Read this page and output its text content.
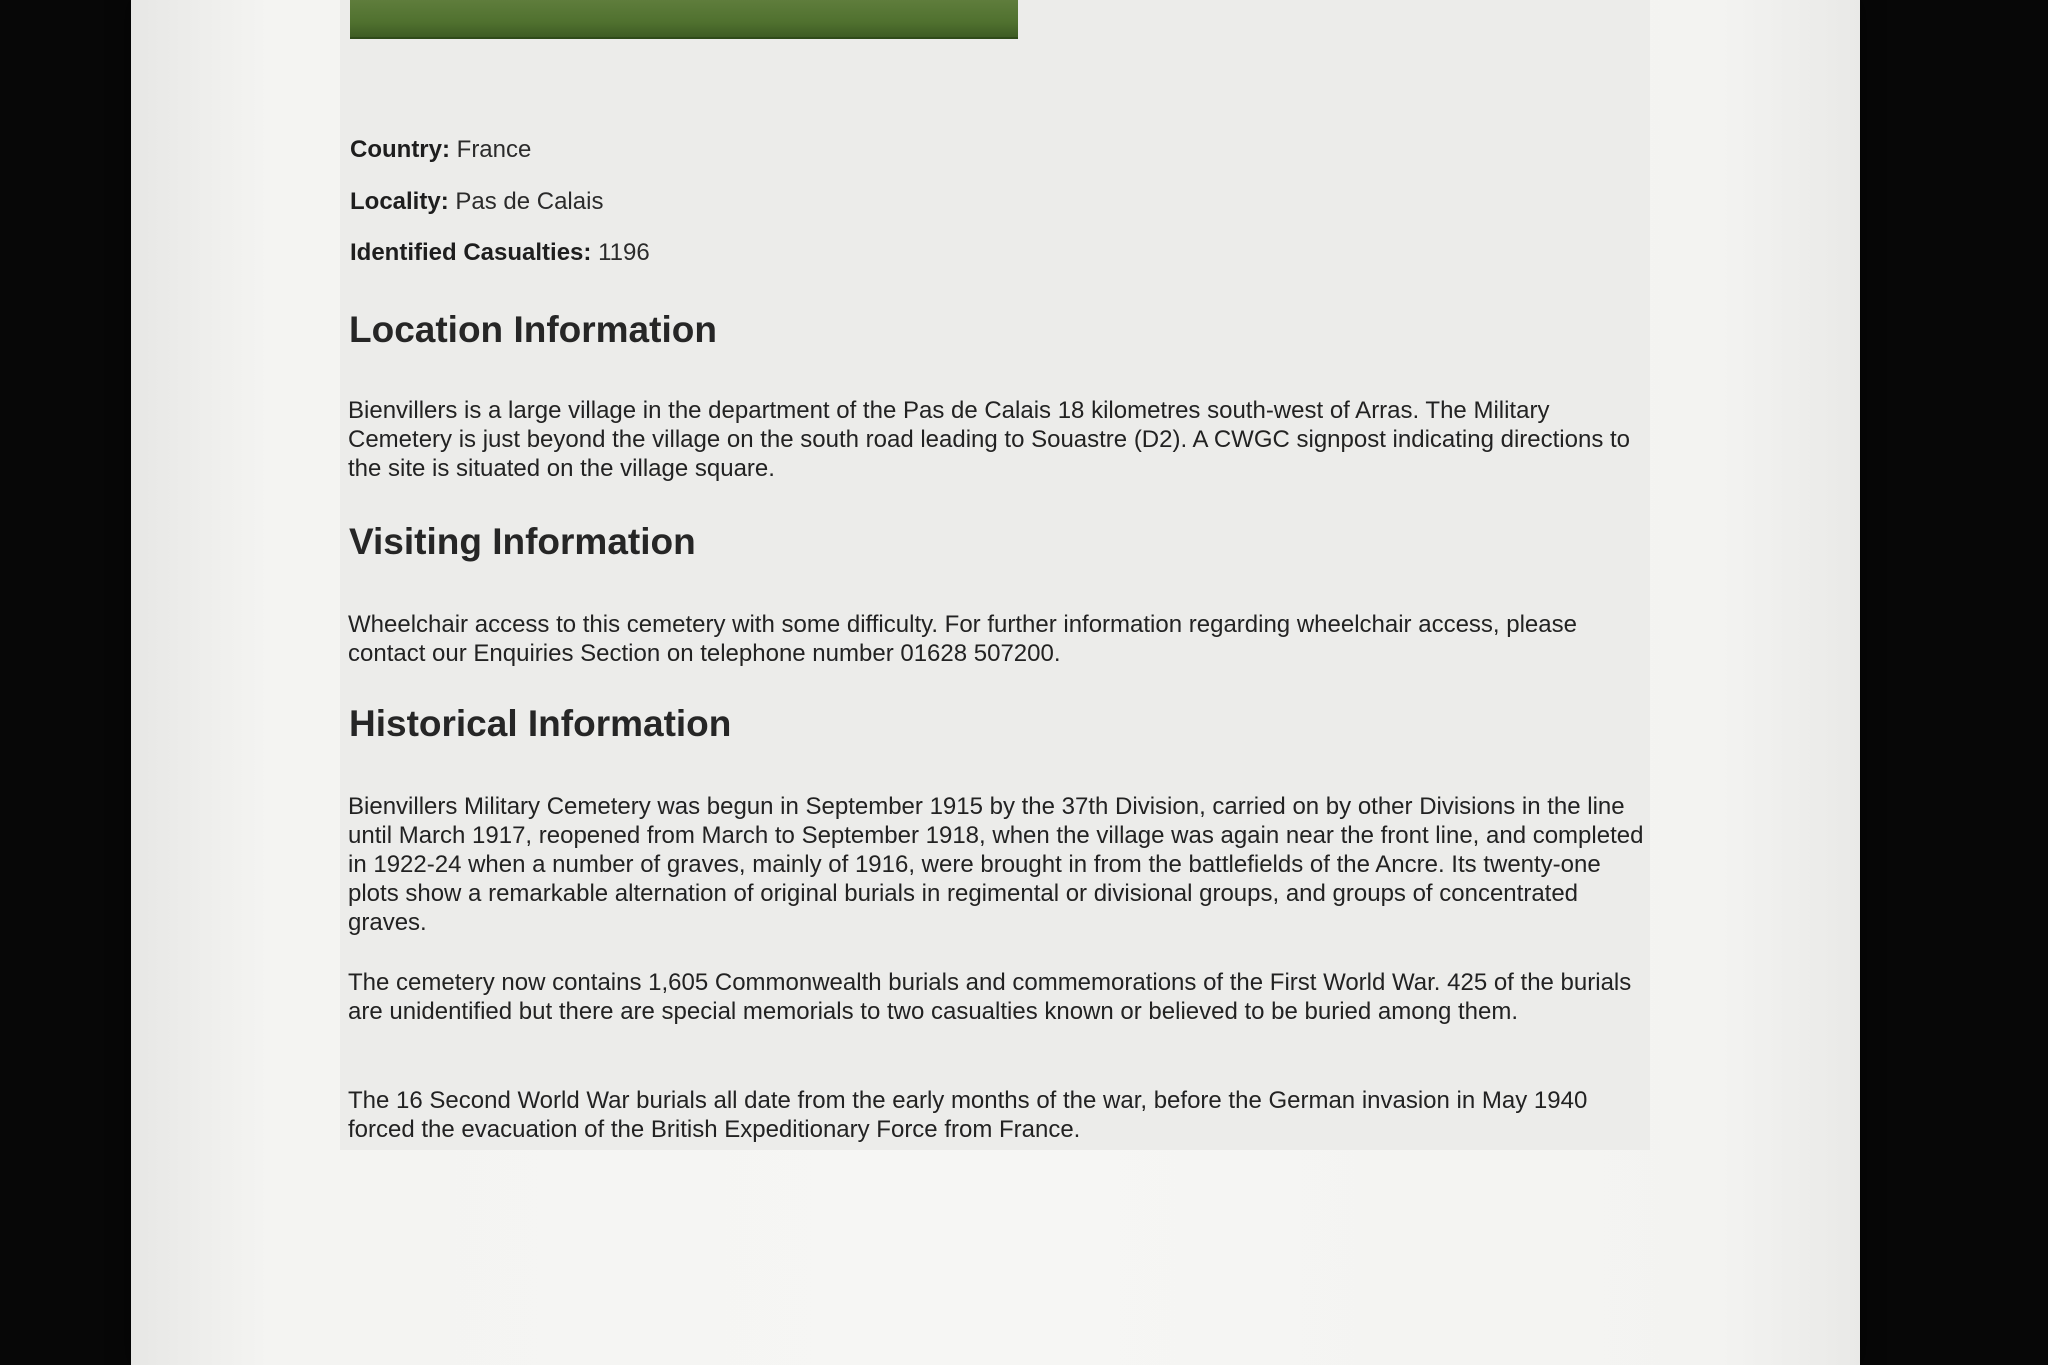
Country: France
Locality: Pas de Calais
Identified Casualties: 1196
Location Information

Bienvillers is a large village in the department of the Pas de Calais 18 kilometres south-west of Arras. The Military Cemetery is just beyond the village on the south road leading to Souastre (D2). A CWGC signpost indicating directions to the site is situated on the village square.

Visiting Information

Wheelchair access to this cemetery with some difficulty. For further information regarding wheelchair access, please contact our Enquiries Section on telephone number 01628 507200.

Historical Information

Bienvillers Military Cemetery was begun in September 1915 by the 37th Division, carried on by other Divisions in the line until March 1917, reopened from March to September 1918, when the village was again near the front line, and completed in 1922-24 when a number of graves, mainly of 1916, were brought in from the battlefields of the Ancre. Its twenty-one plots show a remarkable alternation of original burials in regimental or divisional groups, and groups of concentrated graves.

The cemetery now contains 1,605 Commonwealth burials and commemorations of the First World War. 425 of the burials are unidentified but there are special memorials to two casualties known or believed to be buried among them.

The 16 Second World War burials all date from the early months of the war, before the German invasion in May 1940 forced the evacuation of the British Expeditionary Force from France.
